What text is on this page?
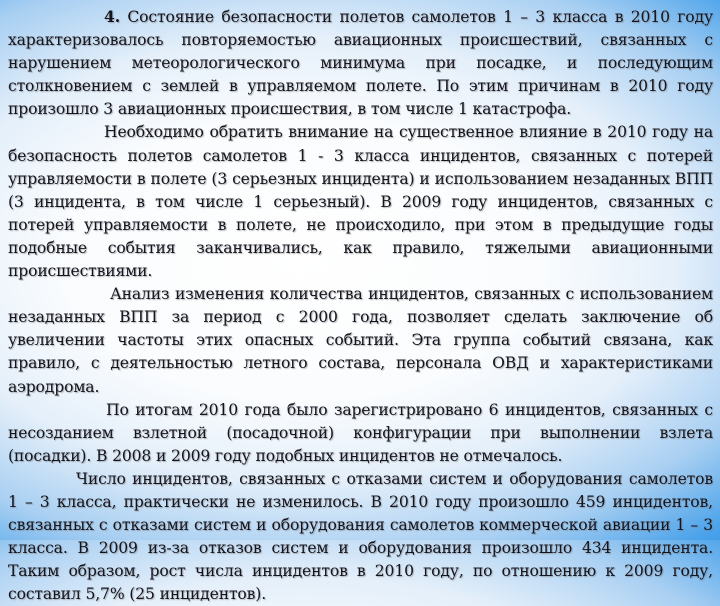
4. Состояние безопасности полетов самолетов 1 – 3 класса в 2010 году характеризовалось повторяемостью авиационных происшествий, связанных с нарушением метеорологического минимума при посадке, и последующим столкновением с землей в управляемом полете. По этим причинам в 2010 году произошло 3 авиационных происшествия, в том числе 1 катастрофа.

Необходимо обратить внимание на существенное влияние в 2010 году на безопасность полетов самолетов 1 - 3 класса инцидентов, связанных с потерей управляемости в полете (3 серьезных инцидента) и использованием незаданных ВПП (3 инцидента, в том числе 1 серьезный). В 2009 году инцидентов, связанных с потерей управляемости в полете, не происходило, при этом в предыдущие годы подобные события заканчивались, как правило, тяжелыми авиационными происшествиями.

Анализ изменения количества инцидентов, связанных с использованием незаданных ВПП за период с 2000 года, позволяет сделать заключение об увеличении частоты этих опасных событий. Эта группа событий связана, как правило, с деятельностью летного состава, персонала ОВД и характеристиками аэродрома.

По итогам 2010 года было зарегистрировано 6 инцидентов, связанных с несозданием взлетной (посадочной) конфигурации при выполнении взлета (посадки). В 2008 и 2009 году подобных инцидентов не отмечалось.

Число инцидентов, связанных с отказами систем и оборудования самолетов 1 – 3 класса, практически не изменилось. В 2010 году произошло 459 инцидентов, связанных с отказами систем и оборудования самолетов коммерческой авиации 1 – 3 класса. В 2009 из-за отказов систем и оборудования произошло 434 инцидента. Таким образом, рост числа инцидентов в 2010 году, по отношению к 2009 году, составил 5,7% (25 инцидентов).
